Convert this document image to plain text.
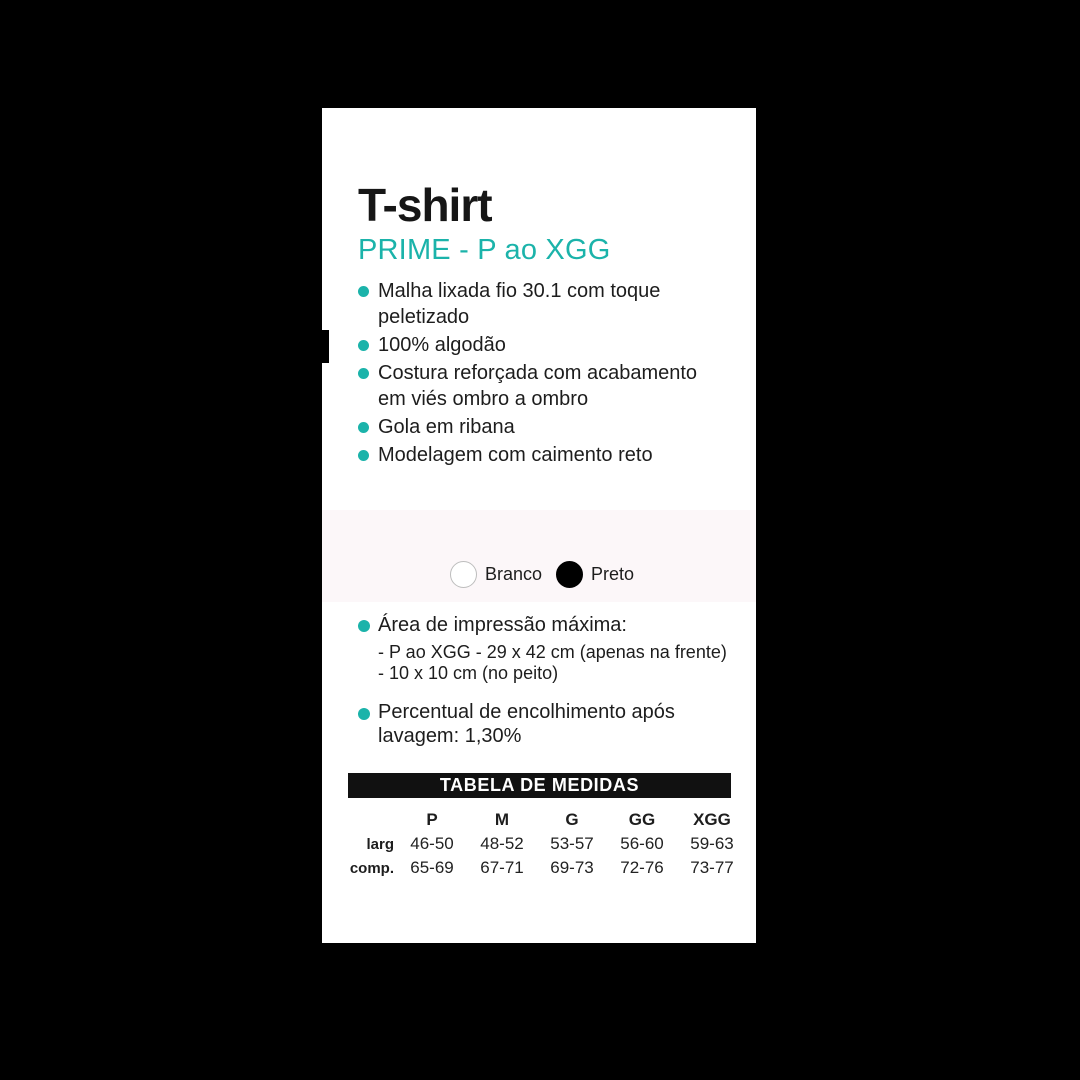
T-shirt
PRIME - P ao XGG
Malha lixada fio 30.1 com toque peletizado
100% algodão
Costura reforçada com acabamento
em viés ombro a ombro
Gola em ribana
Modelagem com caimento reto
Branco	Preto
Área de impressão máxima:
- P ao XGG - 29 x 42 cm (apenas na frente)
- 10 x 10 cm (no peito)
Percentual de encolhimento após
lavagem: 1,30%
TABELA DE MEDIDAS
P	M	G	GG	XGG
larg 46-50	48-52	53-57	56-60	59-63
comp. 65-69	67-71	69-73	72-76	73-77
